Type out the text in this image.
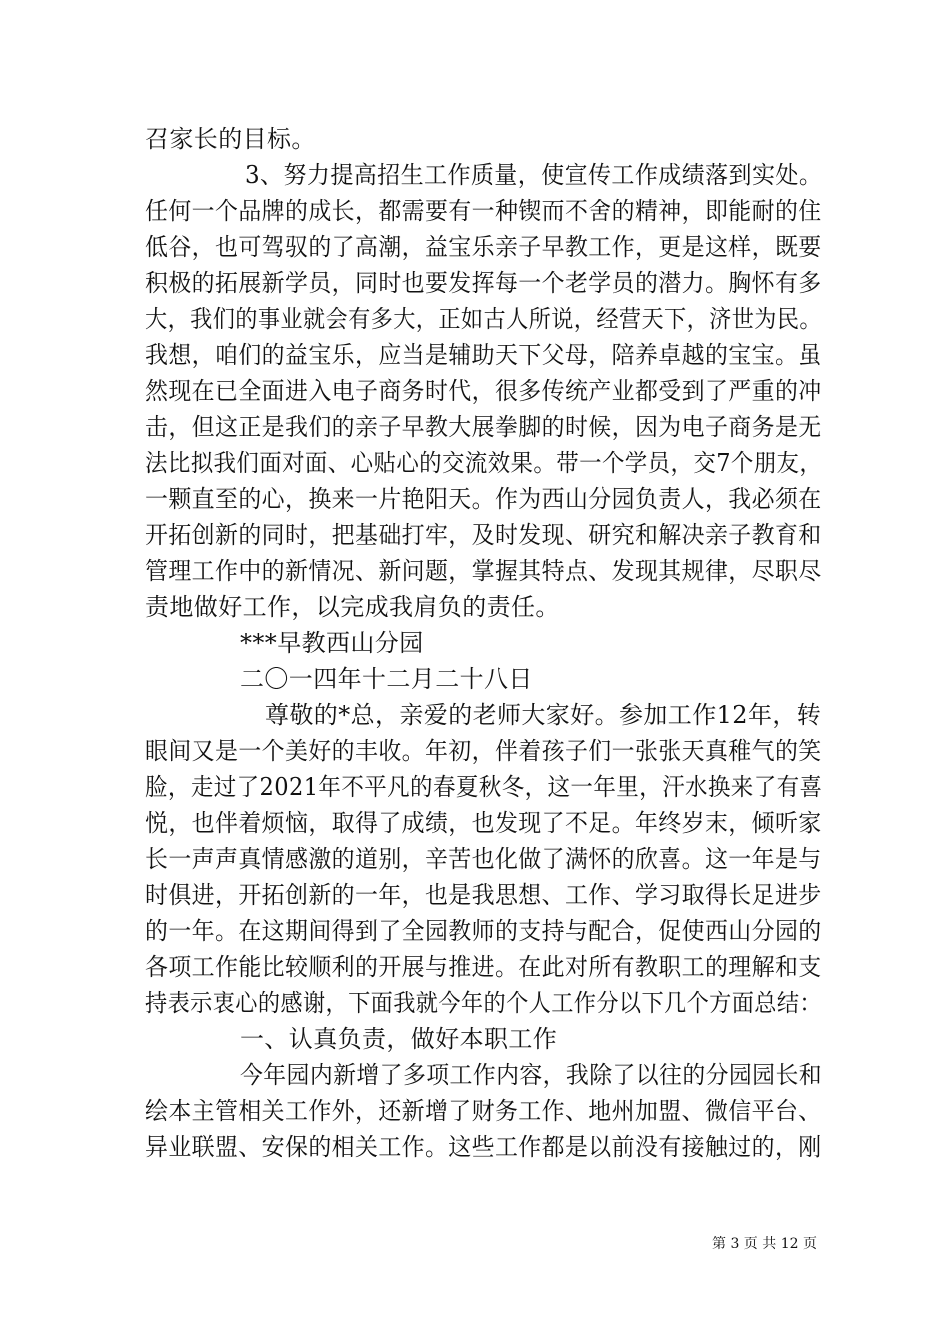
召家长的目标。
3、努力提高招生工作质量，使宣传工作成绩落到实处。
任何一个品牌的成长，都需要有一种锲而不舍的精神，即能耐的住
低谷，也可驾驭的了高潮，益宝乐亲子早教工作，更是这样，既要
积极的拓展新学员，同时也要发挥每一个老学员的潜力。胸怀有多
大，我们的事业就会有多大，正如古人所说，经营天下，济世为民。
我想，咱们的益宝乐，应当是辅助天下父母，陪养卓越的宝宝。虽
然现在已全面进入电子商务时代，很多传统产业都受到了严重的冲
击，但这正是我们的亲子早教大展拳脚的时候，因为电子商务是无
法比拟我们面对面、心贴心的交流效果。带一个学员，交7个朋友，
一颗直至的心，换来一片艳阳天。作为西山分园负责人，我必须在
开拓创新的同时，把基础打牢，及时发现、研究和解决亲子教育和
管理工作中的新情况、新问题，掌握其特点、发现其规律，尽职尽
责地做好工作，以完成我肩负的责任。
***早教西山分园
二〇一四年十二月二十八日
尊敬的*总，亲爱的老师大家好。参加工作12年，转
眼间又是一个美好的丰收。年初，伴着孩子们一张张天真稚气的笑
脸，走过了2021年不平凡的春夏秋冬，这一年里，汗水换来了有喜
悦，也伴着烦恼，取得了成绩，也发现了不足。年终岁末，倾听家
长一声声真情感激的道别，辛苦也化做了满怀的欣喜。这一年是与
时俱进，开拓创新的一年，也是我思想、工作、学习取得长足进步
的一年。在这期间得到了全园教师的支持与配合，促使西山分园的
各项工作能比较顺利的开展与推进。在此对所有教职工的理解和支
持表示衷心的感谢，下面我就今年的个人工作分以下几个方面总结：
一、认真负责，做好本职工作
今年园内新增了多项工作内容，我除了以往的分园园长和
绘本主管相关工作外，还新增了财务工作、地州加盟、微信平台、
异业联盟、安保的相关工作。这些工作都是以前没有接触过的，刚
第 3 页 共 12 页
